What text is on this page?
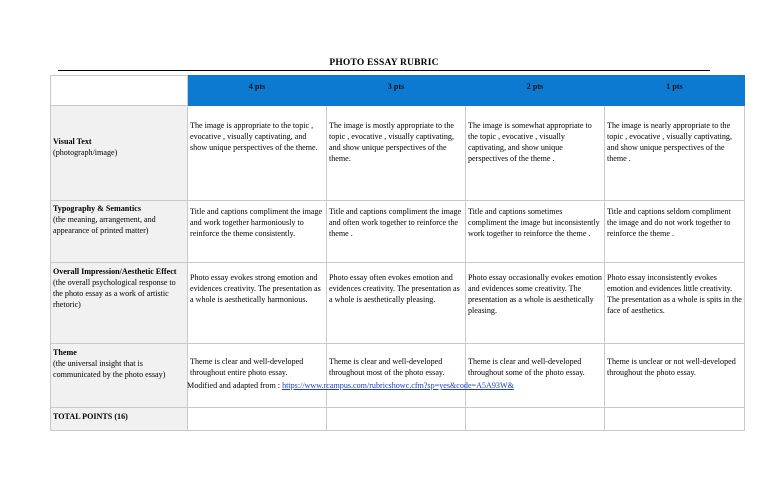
PHOTO ESSAY RUBRIC
	4 pts	3 pts	2 pts	1 pts

Visual Text
(photograph/image)	The image is appropriate to the topic , evocative , visually captivating, and show unique perspectives of the theme.	The image is mostly appropriate to the topic , evocative , visually captivating, and show unique perspectives of the theme.	The image is somewhat appropriate to the topic , evocative , visually captivating, and show unique perspectives of the theme .	The image is nearly appropriate to the topic , evocative , visually captivating, and show unique perspectives of the theme .

Typography & Semantics
(the meaning, arrangement, and appearance of printed matter)	Title and captions compliment the image and work together harmoniously to reinforce the theme consistently.	Title and captions compliment the image and often work together to reinforce the theme .	Title and captions sometimes compliment the image but inconsistently work together to reinforce the theme .	Title and captions seldom compliment the image and do not work together to reinforce the theme .

Overall Impression/Aesthetic Effect
(the overall psychological response to the photo essay as a work of artistic rhetoric)	Photo essay evokes strong emotion and evidences creativity. The presentation as a whole is aesthetically harmonious.	Photo essay often evokes emotion and evidences creativity. The presentation as a whole is aesthetically pleasing.	Photo essay occasionally evokes emotion and evidences some creativity. The presentation as a whole is aesthetically pleasing.	Photo essay inconsistently evokes emotion and evidences little creativity. The presentation as a whole is spits in the face of aesthetics.

Theme
(the universal insight that is communicated by the photo essay)	Theme is clear and well-developed throughout entire photo essay.	Theme is clear and well-developed throughout most of the photo essay.	Theme is clear and well-developed throughout some of the photo essay.	Theme is unclear or not well-developed throughout the photo essay.
TOTAL POINTS (16)				
Modified and adapted from : https://www.rcampus.com/rubricshowc.cfm?sp=yes&code=A5A93W&
